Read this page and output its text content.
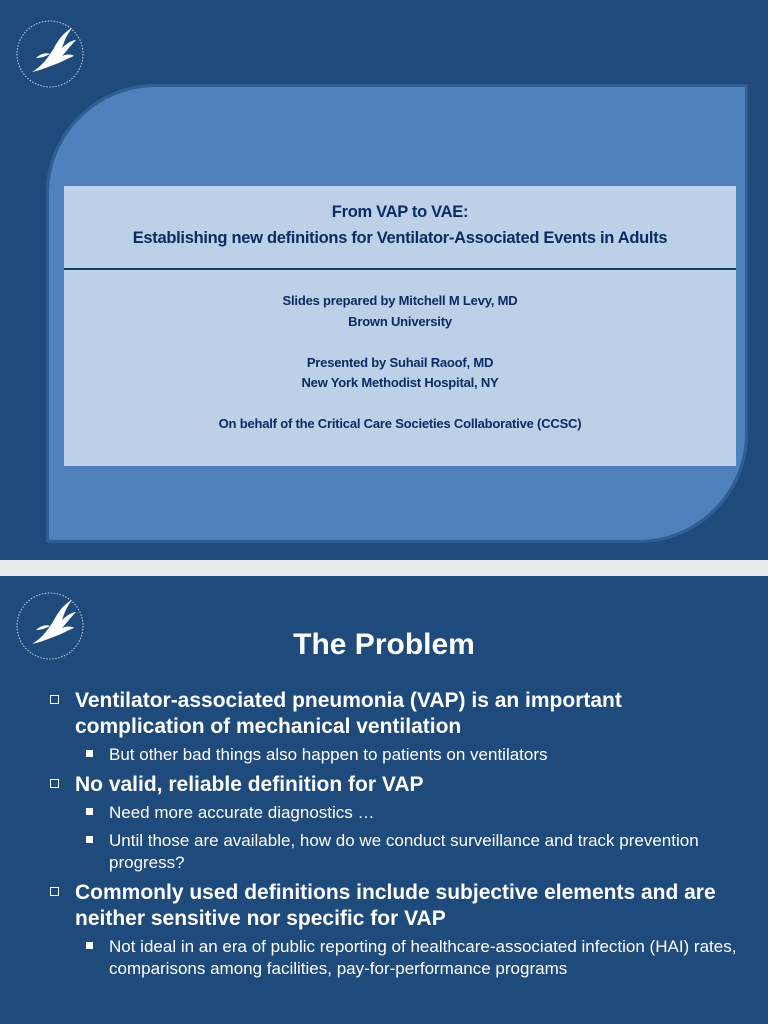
From VAP to VAE:
Establishing new definitions for Ventilator-Associated Events in Adults
Slides prepared by Mitchell M Levy, MD
Brown University
Presented by Suhail Raoof, MD
New York Methodist Hospital, NY
On behalf of the Critical Care Societies Collaborative (CCSC)
The Problem
Ventilator-associated pneumonia (VAP) is an important complication of mechanical ventilation
But other bad things also happen to patients on ventilators
No valid, reliable definition for VAP
Need more accurate diagnostics …
Until those are available, how do we conduct surveillance and track prevention progress?
Commonly used definitions include subjective elements and are neither sensitive nor specific for VAP
Not ideal in an era of public reporting of healthcare-associated infection (HAI) rates, comparisons among facilities, pay-for-performance programs
